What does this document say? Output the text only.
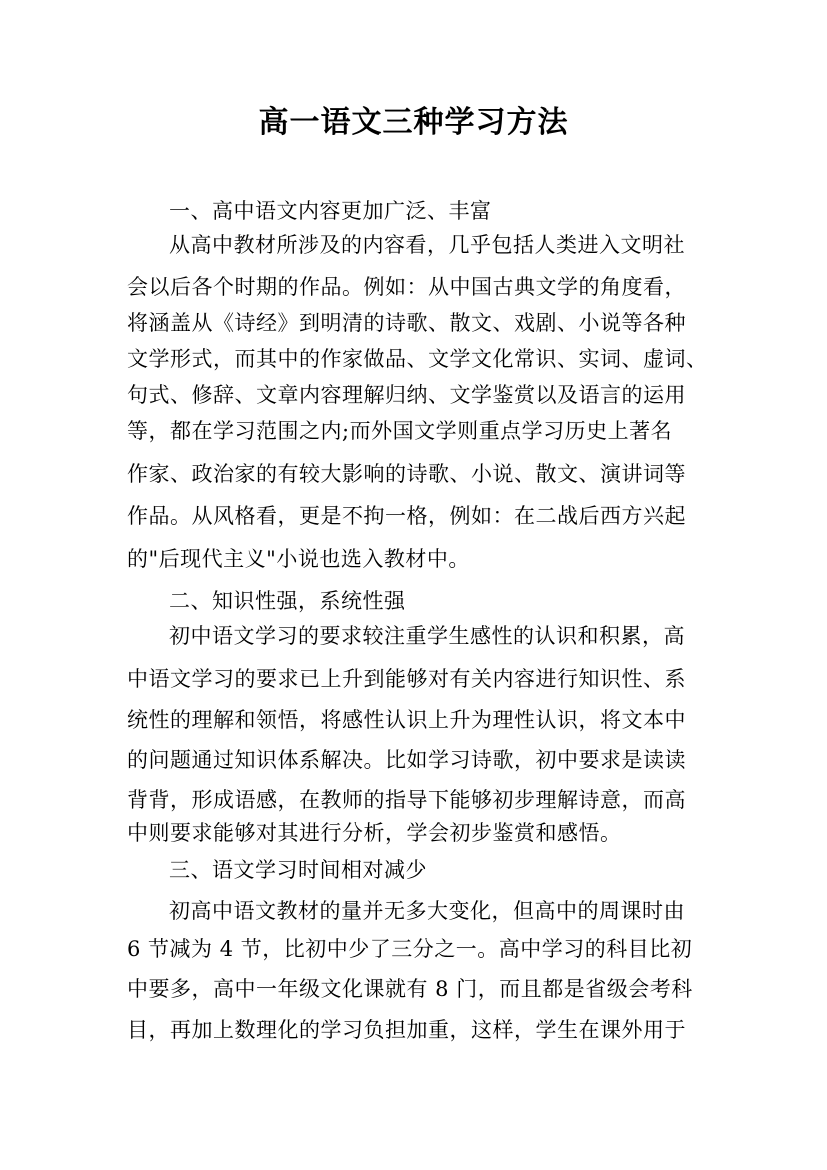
高一语文三种学习方法

一、高中语文内容更加广泛、丰富

从高中教材所涉及的内容看，几乎包括人类进入文明社

会以后各个时期的作品。例如：从中国古典文学的角度看，

将涵盖从《诗经》到明清的诗歌、散文、戏剧、小说等各种

文学形式，而其中的作家做品、文学文化常识、实词、虚词、

句式、修辞、文章内容理解归纳、文学鉴赏以及语言的运用

等，都在学习范围之内;而外国文学则重点学习历史上著名

作家、政治家的有较大影响的诗歌、小说、散文、演讲词等

作品。从风格看，更是不拘一格，例如：在二战后西方兴起

的"后现代主义"小说也选入教材中。

二、知识性强，系统性强

初中语文学习的要求较注重学生感性的认识和积累，高

中语文学习的要求已上升到能够对有关内容进行知识性、系

统性的理解和领悟，将感性认识上升为理性认识，将文本中

的问题通过知识体系解决。比如学习诗歌，初中要求是读读

背背，形成语感，在教师的指导下能够初步理解诗意，而高

中则要求能够对其进行分析，学会初步鉴赏和感悟。

三、语文学习时间相对减少

初高中语文教材的量并无多大变化，但高中的周课时由

6 节减为 4 节，比初中少了三分之一。高中学习的科目比初

中要多，高中一年级文化课就有 8 门，而且都是省级会考科

目，再加上数理化的学习负担加重，这样，学生在课外用于
